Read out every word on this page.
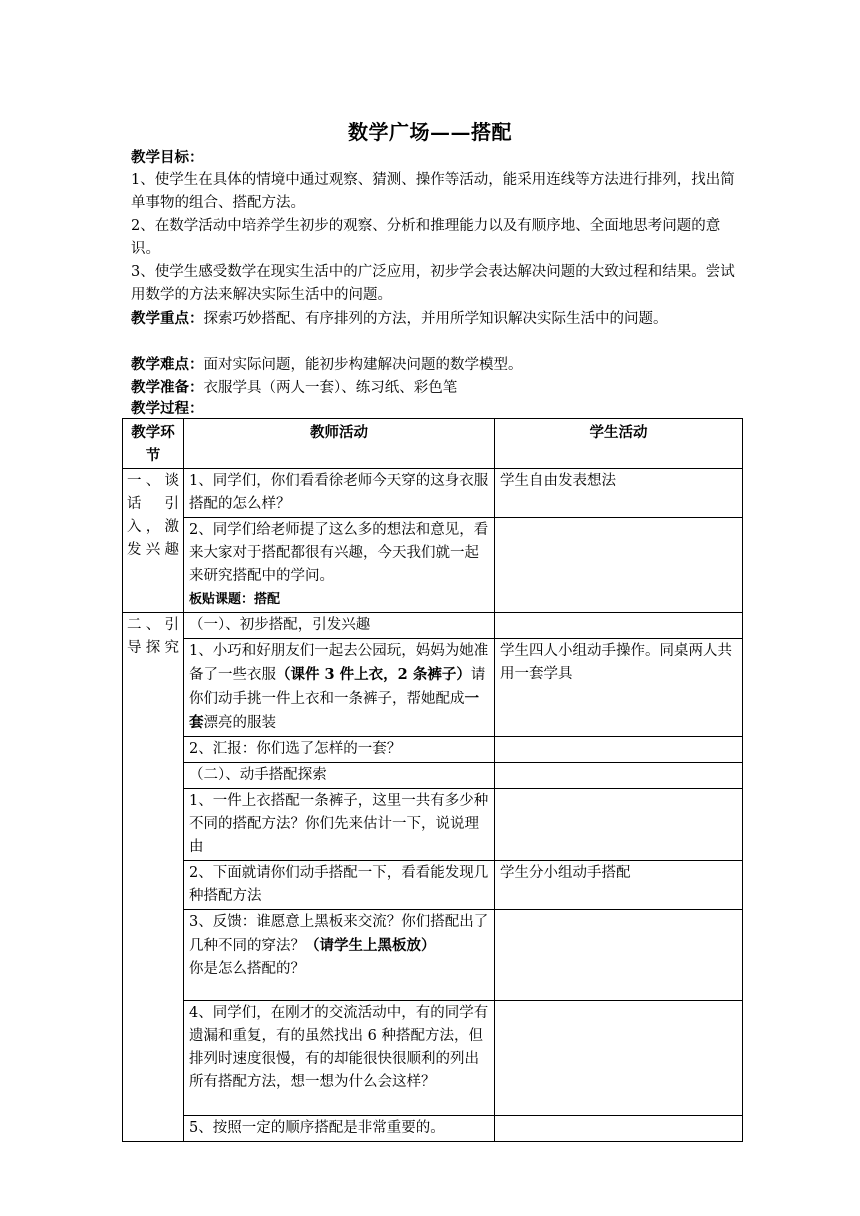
数学广场——搭配
教学目标：
1、使学生在具体的情境中通过观察、猜测、操作等活动，能采用连线等方法进行排列，找出简单事物的组合、搭配方法。
2、在数学活动中培养学生初步的观察、分析和推理能力以及有顺序地、全面地思考问题的意识。
3、使学生感受数学在现实生活中的广泛应用，初步学会表达解决问题的大致过程和结果。尝试用数学的方法来解决实际生活中的问题。
教学重点：探索巧妙搭配、有序排列的方法，并用所学知识解决实际生活中的问题。
教学难点：面对实际问题，能初步构建解决问题的数学模型。
教学准备：衣服学具（两人一套）、练习纸、彩色笔
教学过程：
教学环节	教师活动	学生活动
一、谈话引入，激发兴趣	1、同学们，你们看看徐老师今天穿的这身衣服搭配的怎么样？	学生自由发表想法

	2、同学们给老师提了这么多的想法和意见，看来大家对于搭配都很有兴趣，今天我们就一起来研究搭配中的学问。
板贴课题：搭配	

二、引导探究	（一）、初步搭配，引发兴趣	
	1、小巧和好朋友们一起去公园玩，妈妈为她准备了一些衣服（课件 3 件上衣，2 条裤子）请你们动手挑一件上衣和一条裤子，帮她配成一套漂亮的服装	学生四人小组动手操作。同桌两人共用一套学具
	2、汇报：你们选了怎样的一套？	
	（二）、动手搭配探索	
	1、一件上衣搭配一条裤子，这里一共有多少种不同的搭配方法？你们先来估计一下，说说理由	
	2、下面就请你们动手搭配一下，看看能发现几种搭配方法	学生分小组动手搭配
	3、反馈：谁愿意上黑板来交流？你们搭配出了几种不同的穿法？（请学生上黑板放）
你是怎么搭配的？	
	4、同学们，在刚才的交流活动中，有的同学有遗漏和重复，有的虽然找出 6 种搭配方法，但排列时速度很慢，有的却能很快很顺利的列出所有搭配方法，想一想为什么会这样？	
	5、按照一定的顺序搭配是非常重要的。	
